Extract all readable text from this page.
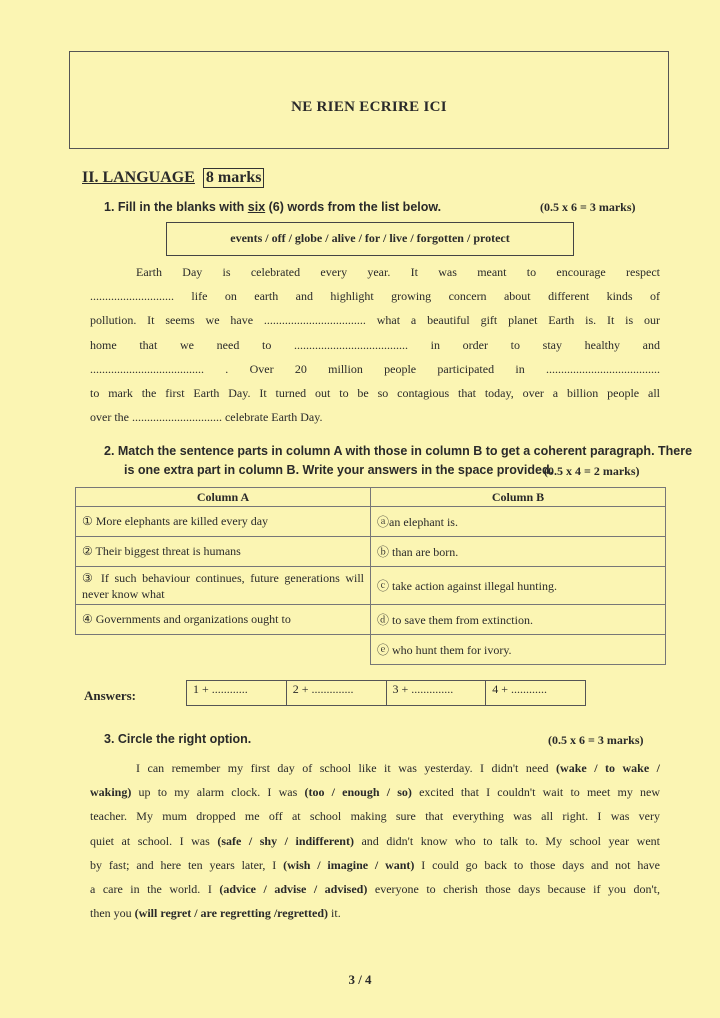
NE RIEN ECRIRE ICI
II. LANGUAGE 8 marks
1. Fill in the blanks with six (6) words from the list below.	(0.5 x 6 = 3 marks)
events / off / globe / alive / for / live / forgotten / protect
Earth Day is celebrated every year. It was meant to encourage respect
............................ life on earth and highlight growing concern about different kinds of
pollution. It seems we have .................................. what a beautiful gift planet Earth is. It is our
home that we need to ...................................... in order to stay healthy and
...................................... . Over 20 million people participated in ......................................
to mark the first Earth Day. It turned out to be so contagious that today, over a billion people all
over the .............................. celebrate Earth Day.
2. Match the sentence parts in column A with those in column B to get a coherent paragraph. There
is one extra part in column B. Write your answers in the space provided.
(0.5 x 4 = 2 marks)
Column A	Column B
① More elephants are killed every day	ⓐan elephant is.
② Their biggest threat is humans	ⓑ than are born.
③ If such behaviour continues, future generations will never know what	ⓒ take action against illegal hunting.
④ Governments and organizations ought to	ⓓ to save them from extinction.
	ⓔ who hunt them for ivory.
Answers:	1 + ............	2 + ..............	3 + ..............	4 + ............
3. Circle the right option.	(0.5 x 6 = 3 marks)
I can remember my first day of school like it was yesterday. I didn't need (wake / to wake /
waking) up to my alarm clock. I was (too / enough / so) excited that I couldn't wait to meet my new
teacher. My mum dropped me off at school making sure that everything was all right. I was very
quiet at school. I was (safe / shy / indifferent) and didn't know who to talk to. My school year went
by fast; and here ten years later, I (wish / imagine / want) I could go back to those days and not have
a care in the world. I (advice / advise / advised) everyone to cherish those days because if you don't,
then you (will regret / are regretting /regretted) it.
3 / 4
